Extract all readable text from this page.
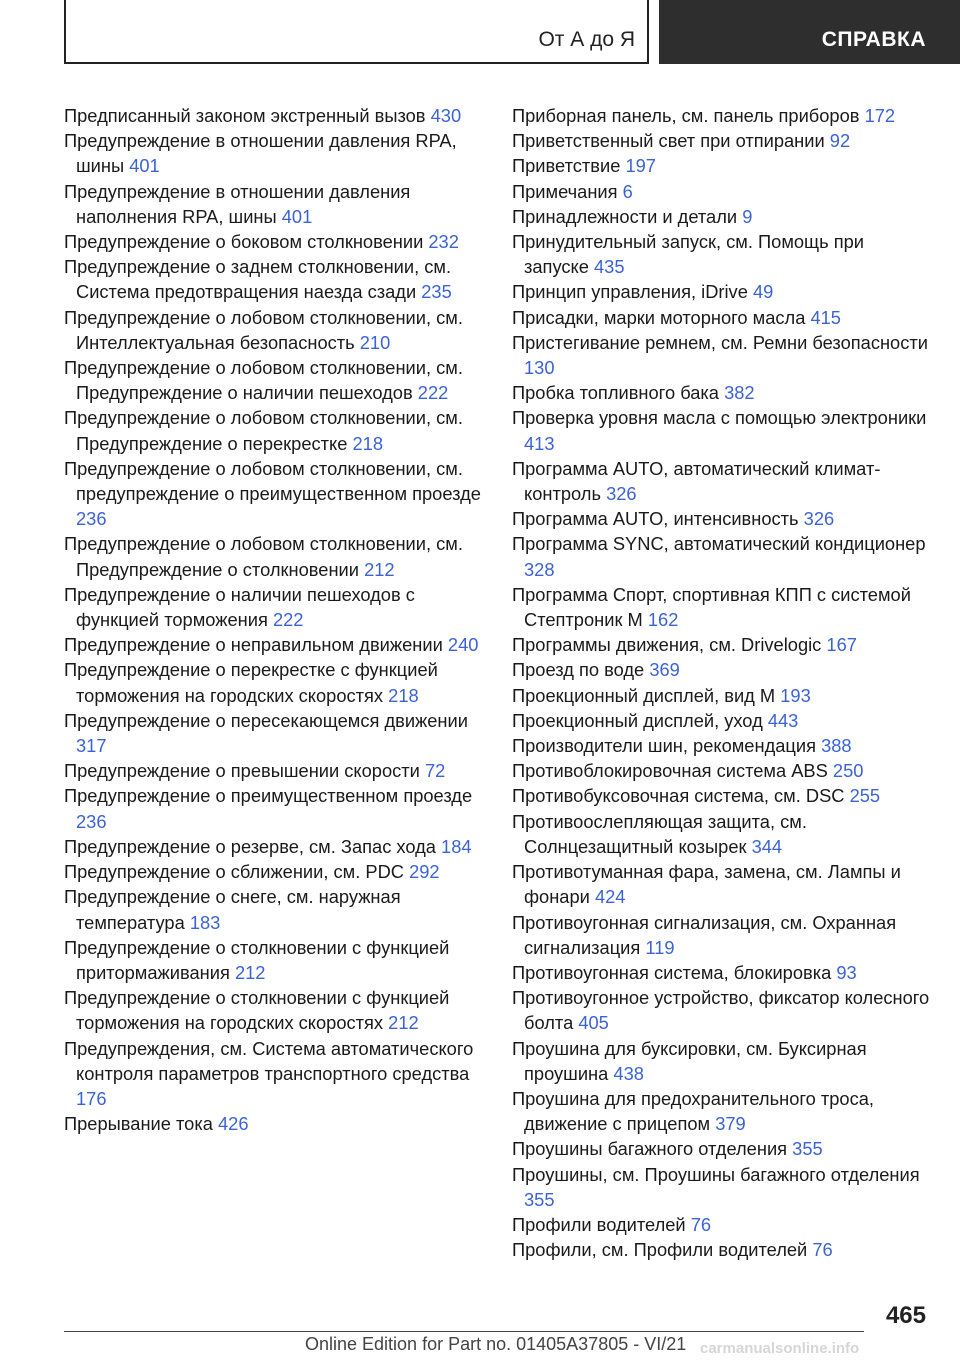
От А до Я	СПРАВКА

Предписанный законом экстренный вызов 430

Предупреждение в отношении давления RPA, шины 401

Предупреждение в отношении давления наполнения RPA, шины 401

Предупреждение о боковом столкновении 232

Предупреждение о заднем столкновении, см. Система предотвращения наезда сзади 235

Предупреждение о лобовом столкновении, см. Интеллектуальная безопасность 210

Предупреждение о лобовом столкновении, см. Предупреждение о наличии пешеходов 222

Предупреждение о лобовом столкновении, см. Предупреждение о перекрестке 218

Предупреждение о лобовом столкновении, см. предупреждение о преимущественном проезде 236

Предупреждение о лобовом столкновении, см. Предупреждение о столкновении 212

Предупреждение о наличии пешеходов с функцией торможения 222

Предупреждение о неправильном движении 240

Предупреждение о перекрестке с функцией торможения на городских скоростях 218

Предупреждение о пересекающемся движении 317

Предупреждение о превышении скорости 72

Предупреждение о преимущественном проезде 236

Предупреждение о резерве, см. Запас хода 184

Предупреждение о сближении, см. PDC 292

Предупреждение о снеге, см. наружная температура 183

Предупреждение о столкновении с функцией притормаживания 212

Предупреждение о столкновении с функцией торможения на городских скоростях 212

Предупреждения, см. Система автоматического контроля параметров транспортного средства 176

Прерывание тока 426

Приборная панель, см. панель приборов 172

Приветственный свет при отпирании 92

Приветствие 197

Примечания 6

Принадлежности и детали 9

Принудительный запуск, см. Помощь при запуске 435

Принцип управления, iDrive 49

Присадки, марки моторного масла 415

Пристегивание ремнем, см. Ремни безопасности 130

Пробка топливного бака 382

Проверка уровня масла с помощью электроники 413

Программа AUTO, автоматический климат-контроль 326

Программа AUTO, интенсивность 326

Программа SYNC, автоматический кондиционер 328

Программа Спорт, спортивная КПП с системой Стептроник M 162

Программы движения, см. Drivelogic 167

Проезд по воде 369

Проекционный дисплей, вид M 193

Проекционный дисплей, уход 443

Производители шин, рекомендация 388

Противоблокировочная система ABS 250

Противобуксовочная система, см. DSC 255

Противоослепляющая защита, см. Солнцезащитный козырек 344

Противотуманная фара, замена, см. Лампы и фонари 424

Противоугонная сигнализация, см. Охранная сигнализация 119

Противоугонная система, блокировка 93

Противоугонное устройство, фиксатор колесного болта 405

Проушина для буксировки, см. Буксирная проушина 438

Проушина для предохранительного троса, движение с прицепом 379

Проушины багажного отделения 355

Проушины, см. Проушины багажного отделения 355

Профили водителей 76

Профили, см. Профили водителей 76

465
Online Edition for Part no. 01405A37805 - VI/21 carmanualsonline.info
